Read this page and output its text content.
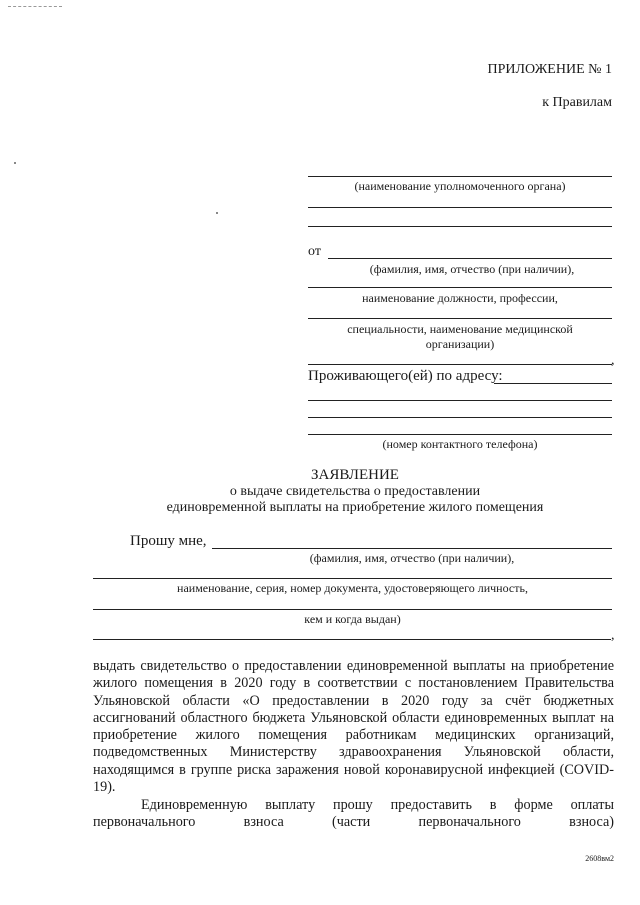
ПРИЛОЖЕНИЕ № 1
к Правилам
(наименование уполномоченного органа)
от
(фамилия, имя, отчество (при наличии),
наименование должности, профессии,
специальности, наименование медицинской
организации)
,
Проживающего(ей) по адресу:
(номер контактного телефона)
ЗАЯВЛЕНИЕ
о выдаче свидетельства о предоставлении
единовременной выплаты на приобретение жилого помещения
Прошу мне,
(фамилия, имя, отчество (при наличии),
наименование, серия, номер документа, удостоверяющего личность,
кем и когда выдан)
,

выдать свидетельство о предоставлении единовременной выплаты на приобретение жилого помещения в 2020 году в соответствии с постановлением Правительства Ульяновской области «О предоставлении в 2020 году за счёт бюджетных ассигнований областного бюджета Ульяновской области единовременных выплат на приобретение жилого помещения работникам медицинских организаций, подведомственных Министерству здравоохранения Ульяновской области, находящимся в группе риска заражения новой коронавирусной инфекцией (COVID-19).

Единовременную выплату прошу предоставить в форме оплаты первоначального взноса (части первоначального взноса)

2608вм2
